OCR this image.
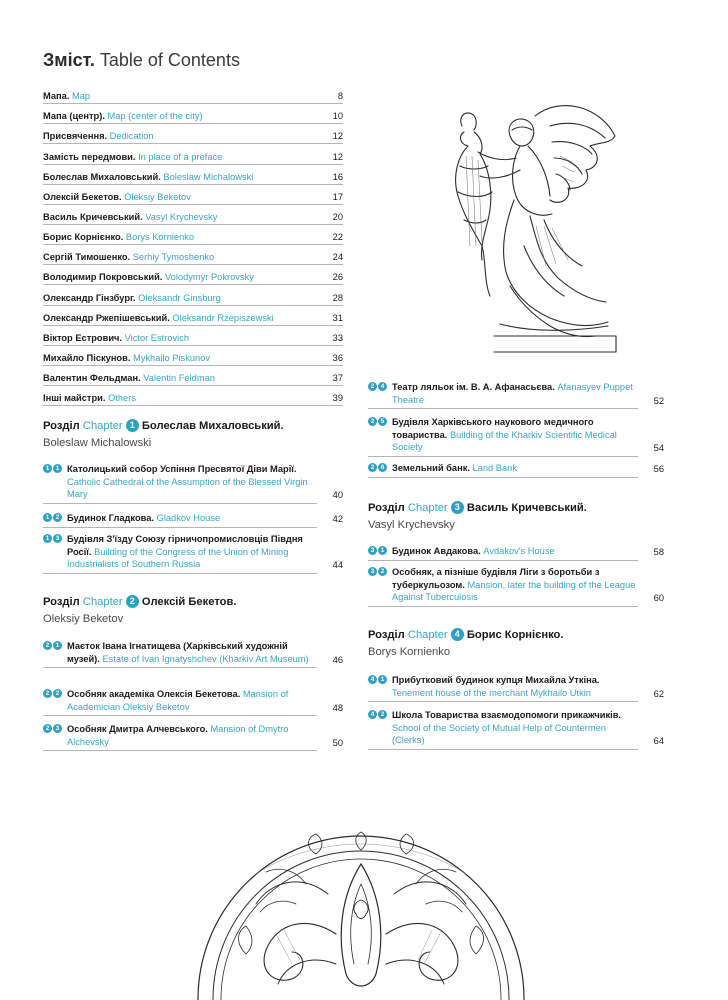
Зміст. Table of Contents
Мапа. Map	8
Мапа (центр). Map (center of the city)	10
Присвячення. Dedication	12
Замість передмови. In place of a preface	12
Болеслав Михаловський. Boleslaw Michalowski	16
Олексій Бекетов. Oleksiy Beketov	17
Василь Кричевський. Vasyl Krychevsky	20
Борис Корнієнко. Borys Kornienko	22
Сергій Тимошенко. Serhiy Tymoshenko	24
Володимир Покровський. Volodymyr Pokrovsky	26
Олександр Гінзбург. Oleksandr Ginsburg	28
Олександр Ржепішевський. Oleksandr Rzepiszewski	31
Віктор Естрович. Victor Estrovich	33
Михайло Піскунов. Mykhailo Piskunov	36
Валентин Фельдман. Valentin Feldman	37
Інші майстри. Others	39
Розділ Chapter 1 Болеслав Михаловський.
Boleslaw Michalowski
1	1 Католицький собор Успіння Пресвятої Діви Марії. Catholic Cathedral of the Assumption of the Blessed Virgin Mary	40
1	2 Будинок Гладкова. Gladkov House	42
1	3 Будівля З'їзду Союзу гірничопромисловців Півдня Росії. Building of the Congress of the Union of Mining Industrialists of Southern Russia	44
Розділ Chapter 2 Олексій Бекетов.
Oleksiy Beketov
2	1 Маєток Івана Ігнатищева (Харківський художній музей). Estate of Ivan Ignatyshchev (Kharkiv Art Museum)	46
2	2 Особняк академіка Олексія Бекетова. Mansion of Academician Oleksiy Beketov	48
2	3 Особняк Дмитра Алчевського. Mansion of Dmytro Alchevsky	50
2	4 Театр ляльок ім. В. А. Афанасьєва. Afanasyev Puppet Theatre	52
2	5 Будівля Харківського наукового медичного товариства. Building of the Kharkiv Scientific Medical Society	54
2	6 Земельний банк. Land Bank	56
Розділ Chapter 3 Василь Кричевський.
Vasyl Krychevsky
3	1 Будинок Авдакова. Avdakov's House	58
3	2 Особняк, а пізніше будівля Ліги з боротьби з туберкульозом. Mansion, later the building of the League Against Tuberculosis	60
Розділ Chapter 4 Борис Корнієнко.
Borys Kornienko
4	1 Прибутковий будинок купця Михайла Уткіна. Tenement house of the merchant Mykhailo Utkin	62
4	2 Школа Товариства взаємодопомоги прикажчиків. School of the Society of Mutual Help of Countermen (Clerks)	64
